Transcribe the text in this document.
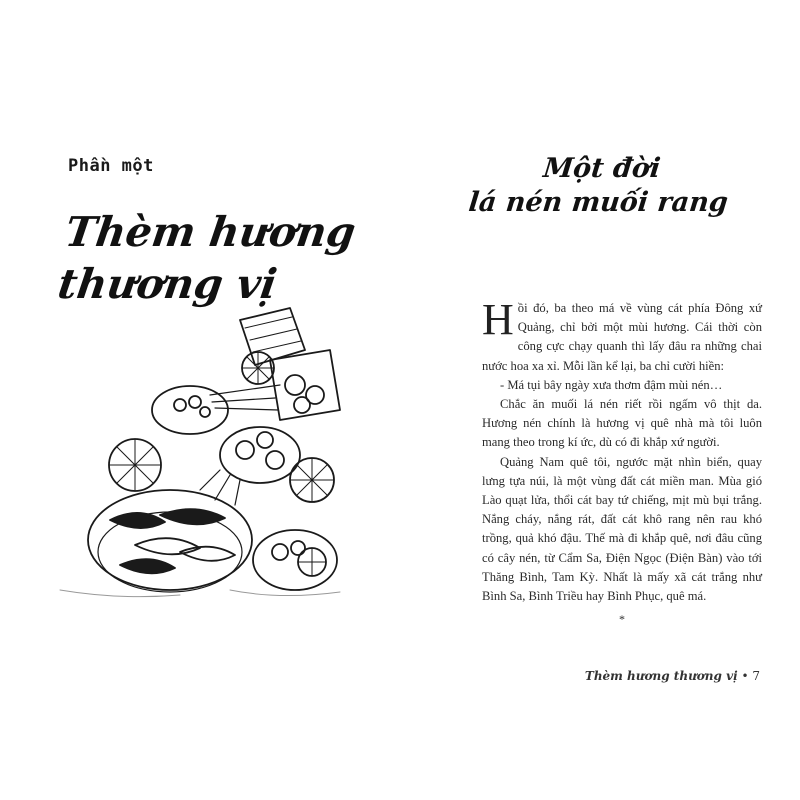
Phần một
Thèm hương
thương vị
Một đời
lá nén muối rang

Hồi đó, ba theo má về vùng cát phía Đông xứ Quảng, chỉ bởi một mùi hương. Cái thời còn công cực chạy quanh thì lấy đâu ra những chai nước hoa xa xỉ. Mỗi lần kể lại, ba chỉ cười hiền:

- Má tụi bây ngày xưa thơm đậm mùi nén…

Chắc ăn muối lá nén riết rồi ngấm vô thịt da. Hương nén chính là hương vị quê nhà mà tôi luôn mang theo trong kí ức, dù có đi khắp xứ người.

Quảng Nam quê tôi, ngước mặt nhìn biển, quay lưng tựa núi, là một vùng đất cát miền man. Mùa gió Lào quạt lửa, thổi cát bay tứ chiếng, mịt mù bụi trắng. Nắng cháy, nắng rát, đất cát khô rang nên rau khó trồng, quả khó đậu. Thế mà đi khắp quê, nơi đâu cũng có cây nén, từ Cẩm Sa, Điện Ngọc (Điện Bàn) vào tới Thăng Bình, Tam Kỳ. Nhất là mấy xã cát trắng như Bình Sa, Bình Triều hay Bình Phục, quê má.

*
Thèm hương thương vị • 7
